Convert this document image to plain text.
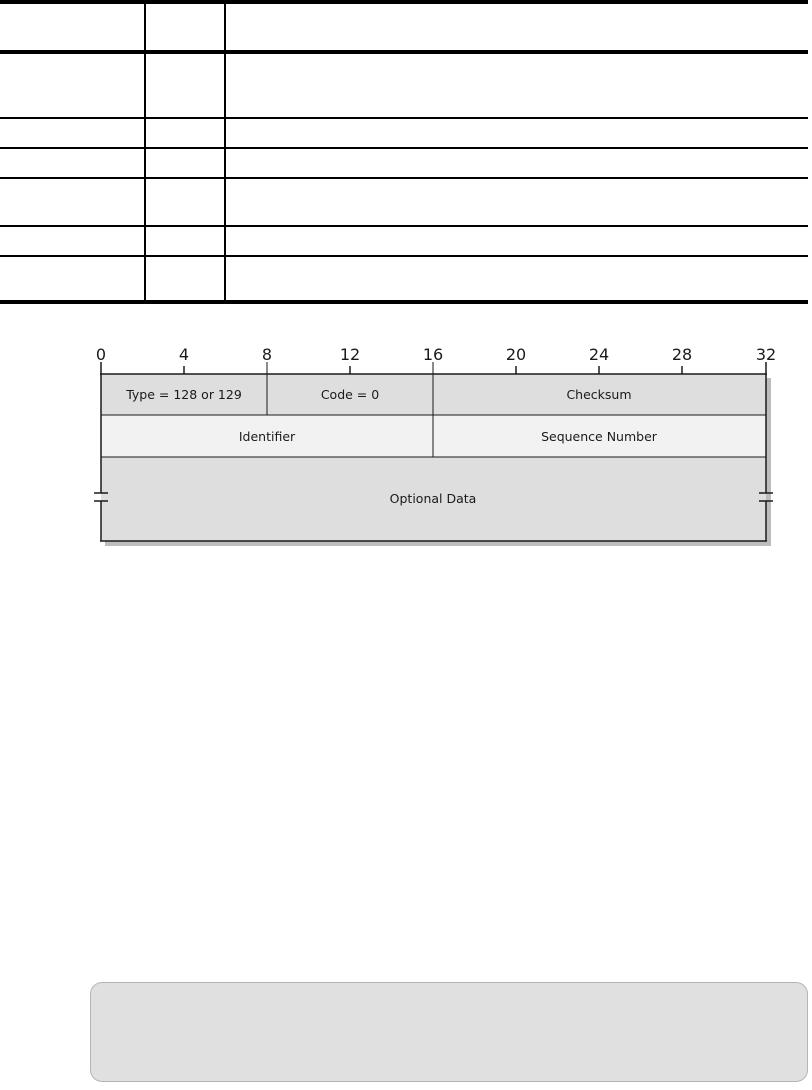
0	4	8	12	16	20	24	28	32
Type = 128 or 129	Code = 0	Checksum
Identifier	Sequence Number
Optional Data
